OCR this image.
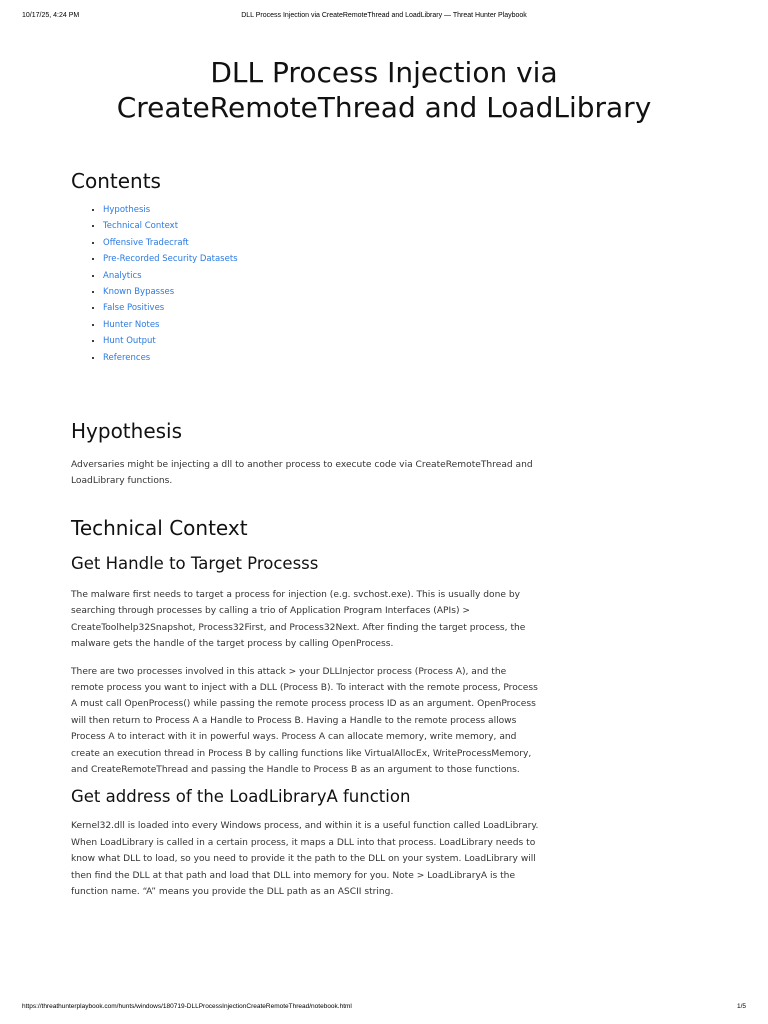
10/17/25, 4:24 PM	DLL Process Injection via CreateRemoteThread and LoadLibrary — Threat Hunter Playbook
DLL Process Injection via
CreateRemoteThread and LoadLibrary
Contents
• Hypothesis
• Technical Context
• Offensive Tradecraft
• Pre-Recorded Security Datasets
• Analytics
• Known Bypasses
• False Positives
• Hunter Notes
• Hunt Output
• References
Hypothesis

Adversaries might be injecting a dll to another process to execute code via CreateRemoteThread and LoadLibrary functions.

Technical Context
Get Handle to Target Processs

The malware first needs to target a process for injection (e.g. svchost.exe). This is usually done by searching through processes by calling a trio of Application Program Interfaces (APIs) > CreateToolhelp32Snapshot, Process32First, and Process32Next. After finding the target process, the malware gets the handle of the target process by calling OpenProcess.

There are two processes involved in this attack > your DLLInjector process (Process A), and the remote process you want to inject with a DLL (Process B). To interact with the remote process, Process A must call OpenProcess() while passing the remote process process ID as an argument. OpenProcess will then return to Process A a Handle to Process B. Having a Handle to the remote process allows Process A to interact with it in powerful ways. Process A can allocate memory, write memory, and create an execution thread in Process B by calling functions like VirtualAllocEx, WriteProcessMemory, and CreateRemoteThread and passing the Handle to Process B as an argument to those functions.

Get address of the LoadLibraryA function

Kernel32.dll is loaded into every Windows process, and within it is a useful function called LoadLibrary. When LoadLibrary is called in a certain process, it maps a DLL into that process. LoadLibrary needs to know what DLL to load, so you need to provide it the path to the DLL on your system. LoadLibrary will then find the DLL at that path and load that DLL into memory for you. Note > LoadLibraryA is the function name. “A” means you provide the DLL path as an ASCII string.

https://threathunterplaybook.com/hunts/windows/180719-DLLProcessInjectionCreateRemoteThread/notebook.html	1/5
